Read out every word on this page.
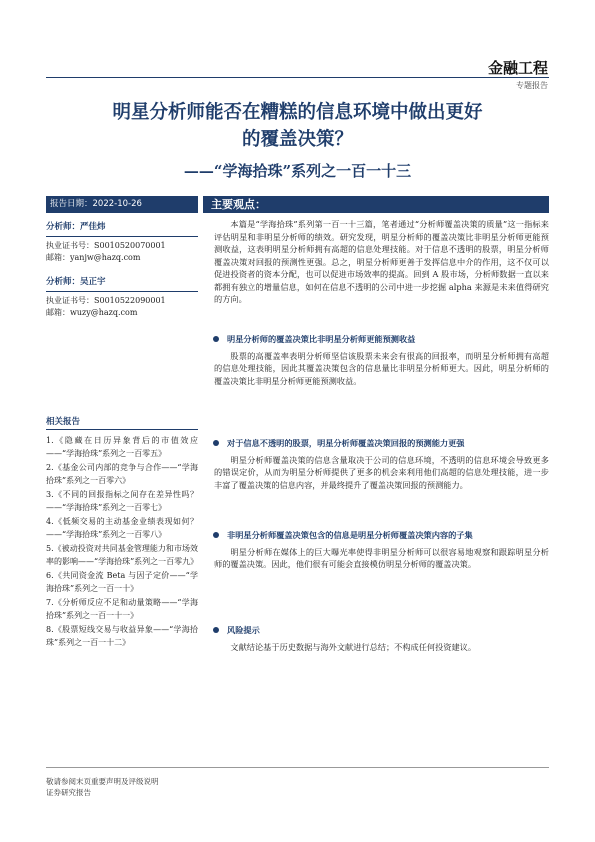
金融工程
专题报告
明星分析师能否在糟糕的信息环境中做出更好
的覆盖决策？
——“学海拾珠”系列之一百一十三
报告日期：2022-10-26	主要观点：
分析师：严佳炜
执业证书号：S0010520070001
邮箱：yanjw@hazq.com
分析师：吴正宇
执业证书号：S0010522090001
邮箱：wuzy@hazq.com
相关报告
1.《隐藏在日历异象背后的市值效应——“学海拾珠”系列之一百零五》
2.《基金公司内部的竞争与合作——“学海拾珠”系列之一百零六》
3.《不同的回报指标之间存在差异性吗？——“学海拾珠”系列之一百零七》
4.《低频交易的主动基金业绩表现如何？——“学海拾珠”系列之一百零八》
5.《被动投资对共同基金管理能力和市场效率的影响——“学海拾珠”系列之一百零九》
6.《共同资金流 Beta 与因子定价——“学海拾珠”系列之一百一十》
7.《分析师反应不足和动量策略——“学海拾珠”系列之一百一十一》
8.《股票短线交易与收益异象——“学海拾珠”系列之一百一十二》

本篇是“学海拾珠”系列第一百一十三篇，笔者通过“分析师覆盖决策的质量”这一指标来评估明星和非明星分析师的绩效。研究发现，明星分析师的覆盖决策比非明星分析师更能预测收益，这表明明星分析师拥有高超的信息处理技能。对于信息不透明的股票，明星分析师覆盖决策对回报的预测性更强。总之，明星分析师更善于发挥信息中介的作用，这不仅可以促进投资者的资本分配，也可以促进市场效率的提高。回到 A 股市场，分析师数据一直以来都拥有独立的增量信息，如何在信息不透明的公司中进一步挖掘 alpha 来源是未来值得研究的方向。

明星分析师的覆盖决策比非明星分析师更能预测收益

股票的高覆盖率表明分析师坚信该股票未来会有很高的回报率，而明星分析师拥有高超的信息处理技能，因此其覆盖决策包含的信息量比非明星分析师更大。因此，明星分析师的覆盖决策比非明星分析师更能预测收益。

对于信息不透明的股票，明星分析师覆盖决策回报的预测能力更强

明星分析师覆盖决策的信息含量取决于公司的信息环境，不透明的信息环境会导致更多的错误定价，从而为明星分析师提供了更多的机会来利用他们高超的信息处理技能，进一步丰富了覆盖决策的信息内容，并最终提升了覆盖决策回报的预测能力。

非明星分析师覆盖决策包含的信息是明星分析师覆盖决策内容的子集

明星分析师在媒体上的巨大曝光率使得非明星分析师可以很容易地观察和跟踪明星分析师的覆盖决策。因此，他们很有可能会直接模仿明星分析师的覆盖决策。

风险提示

文献结论基于历史数据与海外文献进行总结；不构成任何投资建议。

敬请参阅末页重要声明及评级说明
证券研究报告
